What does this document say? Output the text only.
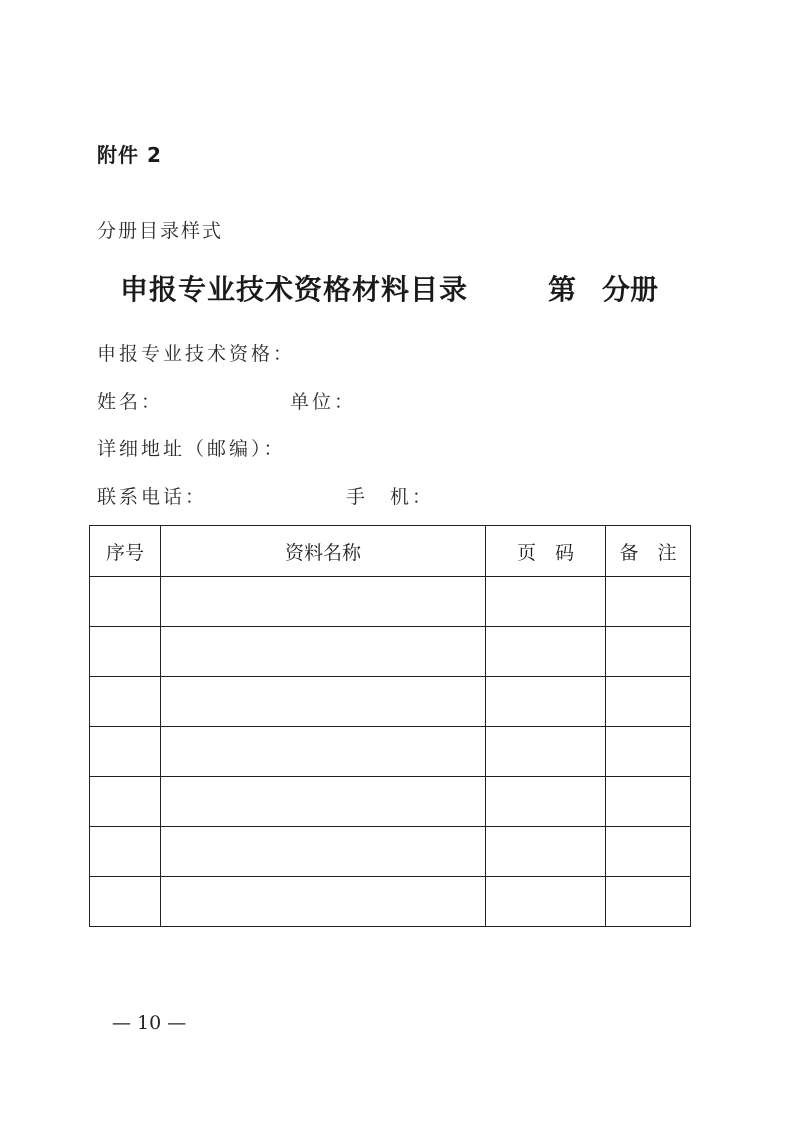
附件 2
分册目录样式
申报专业技术资格材料目录	第 分册
申报专业技术资格：
姓名：	单位：
详细地址（邮编）：
联系电话：	手　机：
序号	资料名称	页　码	备　注

— 10 —
